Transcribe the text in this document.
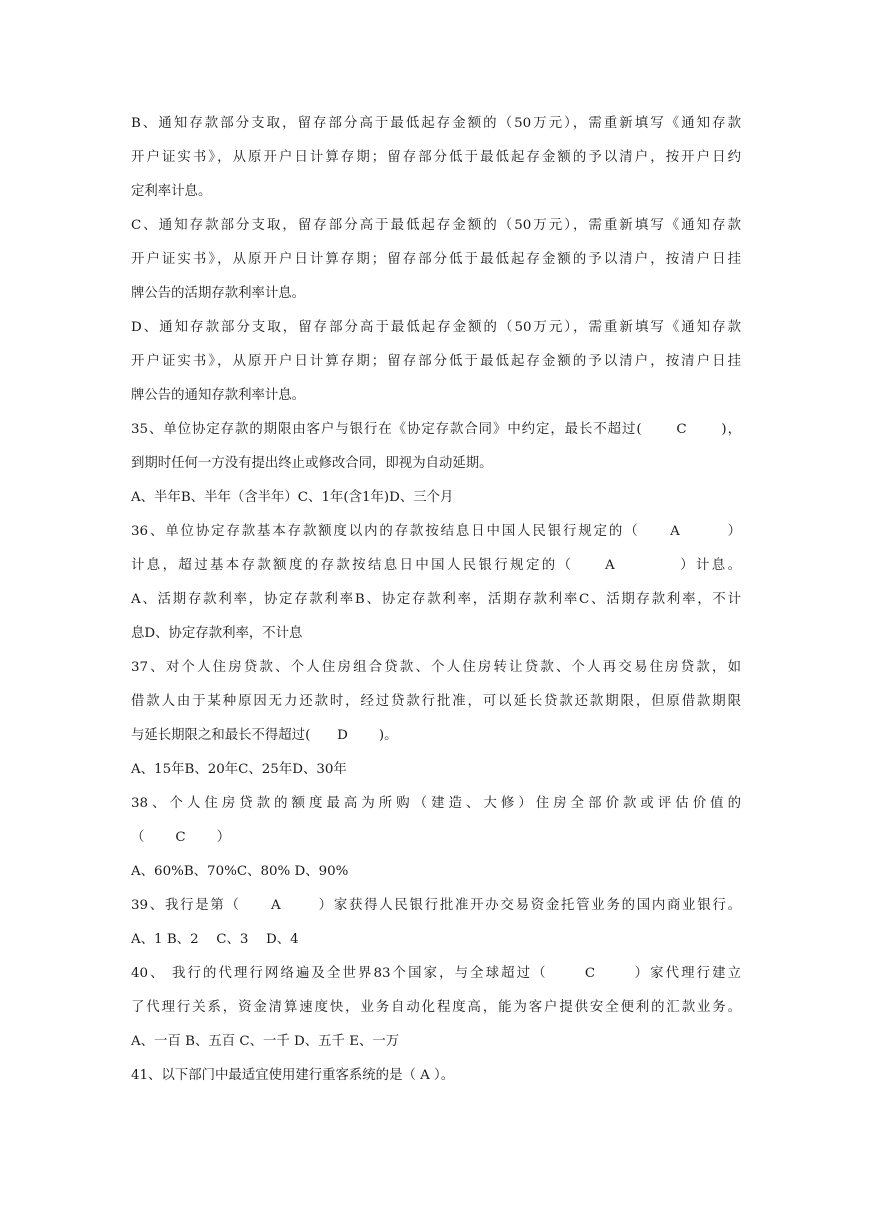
B、通知存款部分支取，留存部分高于最低起存金额的（50万元），需重新填写《通知存款
开户证实书》，从原开户日计算存期；留存部分低于最低起存金额的予以清户，按开户日约
定利率计息。
C、通知存款部分支取，留存部分高于最低起存金额的（50万元），需重新填写《通知存款
开户证实书》，从原开户日计算存期；留存部分低于最低起存金额的予以清户，按清户日挂
牌公告的活期存款利率计息。
D、通知存款部分支取，留存部分高于最低起存金额的（50万元），需重新填写《通知存款
开户证实书》，从原开户日计算存期；留存部分低于最低起存金额的予以清户，按清户日挂
牌公告的通知存款利率计息。
35、单位协定存款的期限由客户与银行在《协定存款合同》中约定，最长不超过(　　 C　　 )，
到期时任何一方没有提出终止或修改合同，即视为自动延期。
A、半年B、半年（含半年）C、1年(含1年)D、三个月
36、单位协定存款基本存款额度以内的存款按结息日中国人民银行规定的（　　A　　　）
计息，超过基本存款额度的存款按结息日中国人民银行规定的（　　A　　　　）计息。
A、活期存款利率，协定存款利率B、协定存款利率，活期存款利率C、活期存款利率，不计
息D、协定存款利率，不计息
37、对个人住房贷款、个人住房组合贷款、个人住房转让贷款、个人再交易住房贷款，如
借款人由于某种原因无力还款时，经过贷款行批准，可以延长贷款还款期限，但原借款期限
与延长期限之和最长不得超过(　　D　　 )。
A、15年B、20年C、25年D、30年
38、个人住房贷款的额度最高为所购（建造、大修）住房全部价款或评估价值的
（　　 C　　 ）
A、60%B、70%C、80% D、90%
39、我行是第（　　A　　 ）家获得人民银行批准开办交易资金托管业务的国内商业银行。
A、1 B、2　 C、3　 D、4
40、 我行的代理行网络遍及全世界83个国家，与全球超过（　　 C　　 ）家代理行建立
了代理行关系，资金清算速度快，业务自动化程度高，能为客户提供安全便利的汇款业务。
A、一百 B、五百 C、一千 D、五千 E、一万
41、以下部门中最适宜使用建行重客系统的是（ A ）。
